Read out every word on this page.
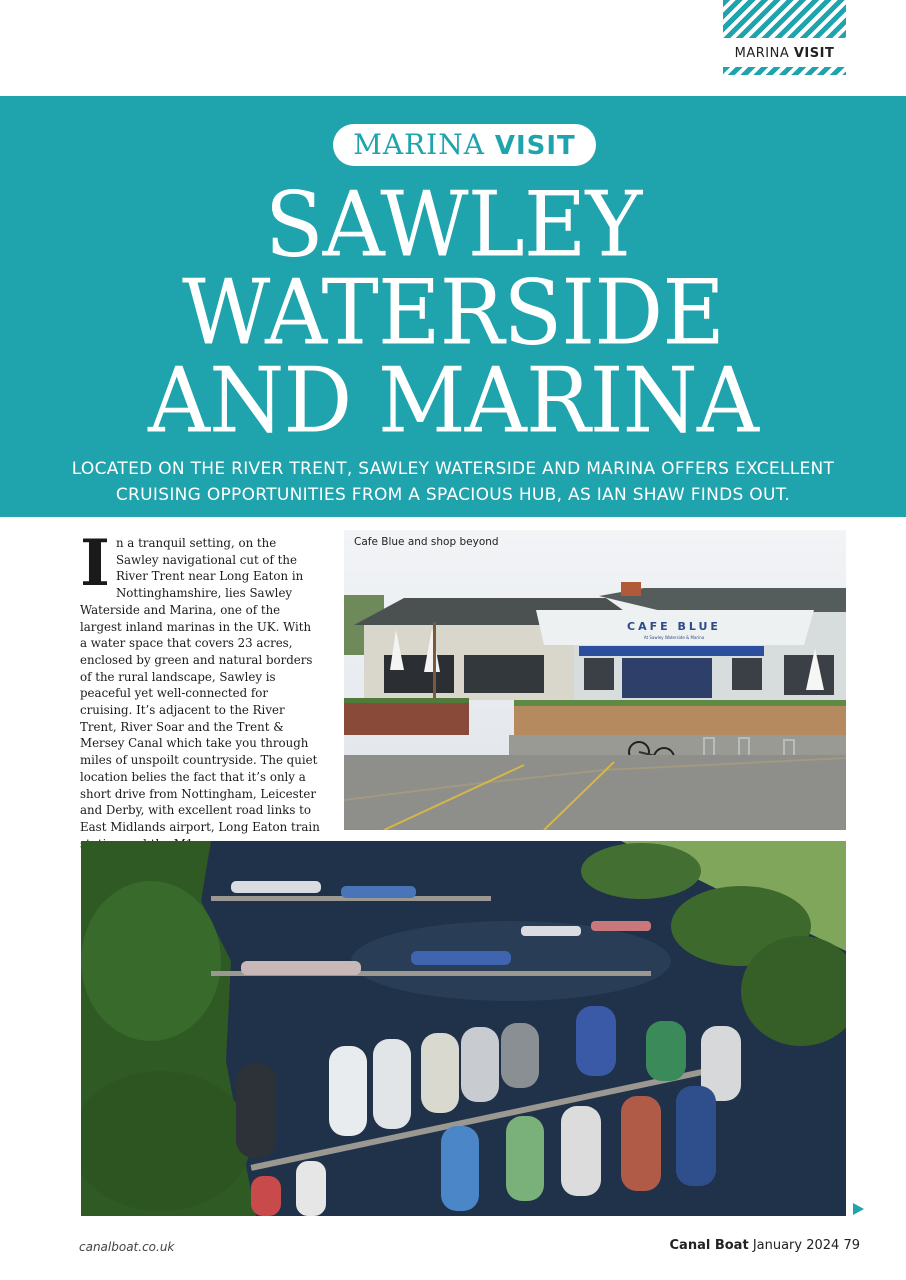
MARINA VISIT
MARINA VISIT
SAWLEY
WATERSIDE
AND MARINA
LOCATED ON THE RIVER TRENT, SAWLEY WATERSIDE AND MARINA OFFERS EXCELLENT CRUISING OPPORTUNITIES FROM A SPACIOUS HUB, AS IAN SHAW FINDS OUT.
In a tranquil setting, on the Sawley navigational cut of the River Trent near Long Eaton in Nottinghamshire, lies Sawley Waterside and Marina, one of the largest inland marinas in the UK. With a water space that covers 23 acres, enclosed by green and natural borders of the rural landscape, Sawley is peaceful yet well-connected for cruising. It’s adjacent to the River Trent, River Soar and the Trent & Mersey Canal which take you through miles of unspoilt countryside. The quiet location belies the fact that it’s only a short drive from Nottingham, Leicester and Derby, with excellent road links to East Midlands airport, Long Eaton train
Cafe Blue and shop beyond
CAFE BLUE
At Sawley Waterside & Marina
canalboat.co.uk	Canal Boat January 2024 79
